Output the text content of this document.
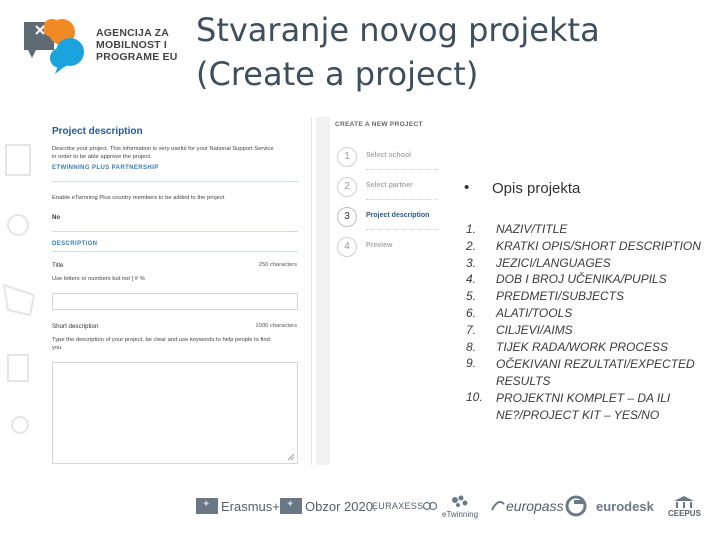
AGENCIJA ZA
MOBILNOST I
PROGRAME EU
Stvaranje novog projekta
(Create a project)
Project description
Describe your project. This information is very useful for your National Support Service
in order to be able approve the project.
ETWINNING PLUS PARTNERSHIP
Enable eTwinning Plus country members to be added to the project
No
DESCRIPTION
Title	250 characters
Use letters or numbers but not [ # %
Short description	1000 characters
Type the description of your project, be clear and use keywords to help people to find
you
CREATE A NEW PROJECT
1	Select school
2	Select partner
3	Project description
4	Preview
• Opis projekta
1.	NAZIV/TITLE
2.	KRATKI OPIS/SHORT DESCRIPTION
3.	JEZICI/LANGUAGES
4.	DOB I BROJ UČENIKA/PUPILS
5.	PREDMETI/SUBJECTS
6.	ALATI/TOOLS
7.	CILJEVI/AIMS
8.	TIJEK RADA/WORK PROCESS
9.	OČEKIVANI REZULTATI/EXPECTED RESULTS
10.	PROJEKTNI KOMPLET – DA ILI NE?/PROJECT KIT – YES/NO
✦
Erasmus+
✦ Obzor 2020.
EURAXESS
eTwinning europass eurodesk CEEPUS
